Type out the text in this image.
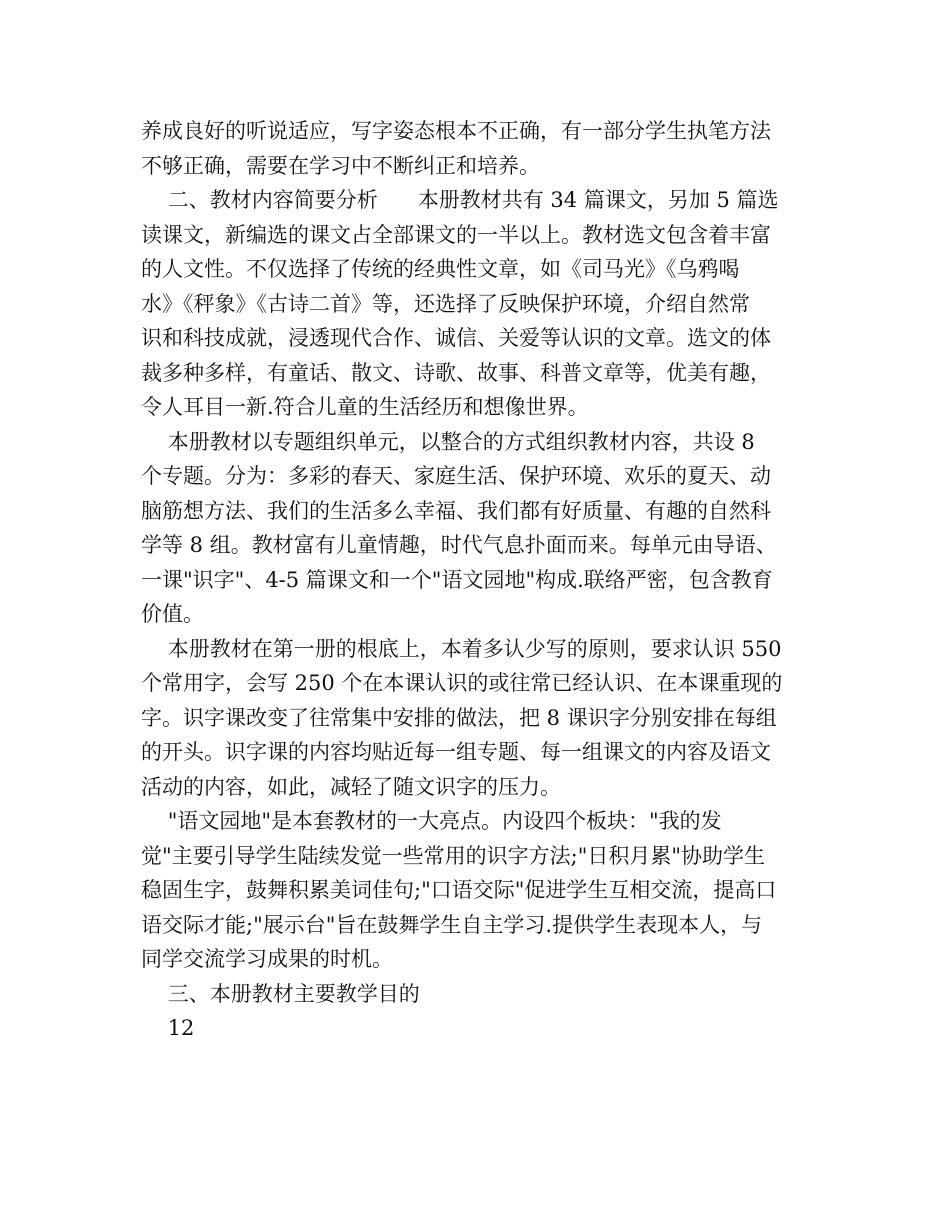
养成良好的听说适应，写字姿态根本不正确，有一部分学生执笔方法
不够正确，需要在学习中不断纠正和培养。
二、教材内容简要分析      本册教材共有 34 篇课文，另加 5 篇选
读课文，新编选的课文占全部课文的一半以上。教材选文包含着丰富
的人文性。不仅选择了传统的经典性文章，如《司马光》《乌鸦喝
水》《秤象》《古诗二首》等，还选择了反映保护环境，介绍自然常
识和科技成就，浸透现代合作、诚信、关爱等认识的文章。选文的体
裁多种多样，有童话、散文、诗歌、故事、科普文章等，优美有趣，
令人耳目一新.符合儿童的生活经历和想像世界。
本册教材以专题组织单元，以整合的方式组织教材内容，共设 8
个专题。分为：多彩的春天、家庭生活、保护环境、欢乐的夏天、动
脑筋想方法、我们的生活多么幸福、我们都有好质量、有趣的自然科
学等 8 组。教材富有儿童情趣，时代气息扑面而来。每单元由导语、
一课"识字"、4-5 篇课文和一个"语文园地"构成.联络严密，包含教育
价值。
本册教材在第一册的根底上，本着多认少写的原则，要求认识 550
个常用字，会写 250 个在本课认识的或往常已经认识、在本课重现的
字。识字课改变了往常集中安排的做法，把 8 课识字分别安排在每组
的开头。识字课的内容均贴近每一组专题、每一组课文的内容及语文
活动的内容，如此，减轻了随文识字的压力。
"语文园地"是本套教材的一大亮点。内设四个板块："我的发
觉"主要引导学生陆续发觉一些常用的识字方法;"日积月累"协助学生
稳固生字，鼓舞积累美词佳句;"口语交际"促进学生互相交流，提高口
语交际才能;"展示台"旨在鼓舞学生自主学习.提供学生表现本人，与
同学交流学习成果的时机。
三、本册教材主要教学目的
12
